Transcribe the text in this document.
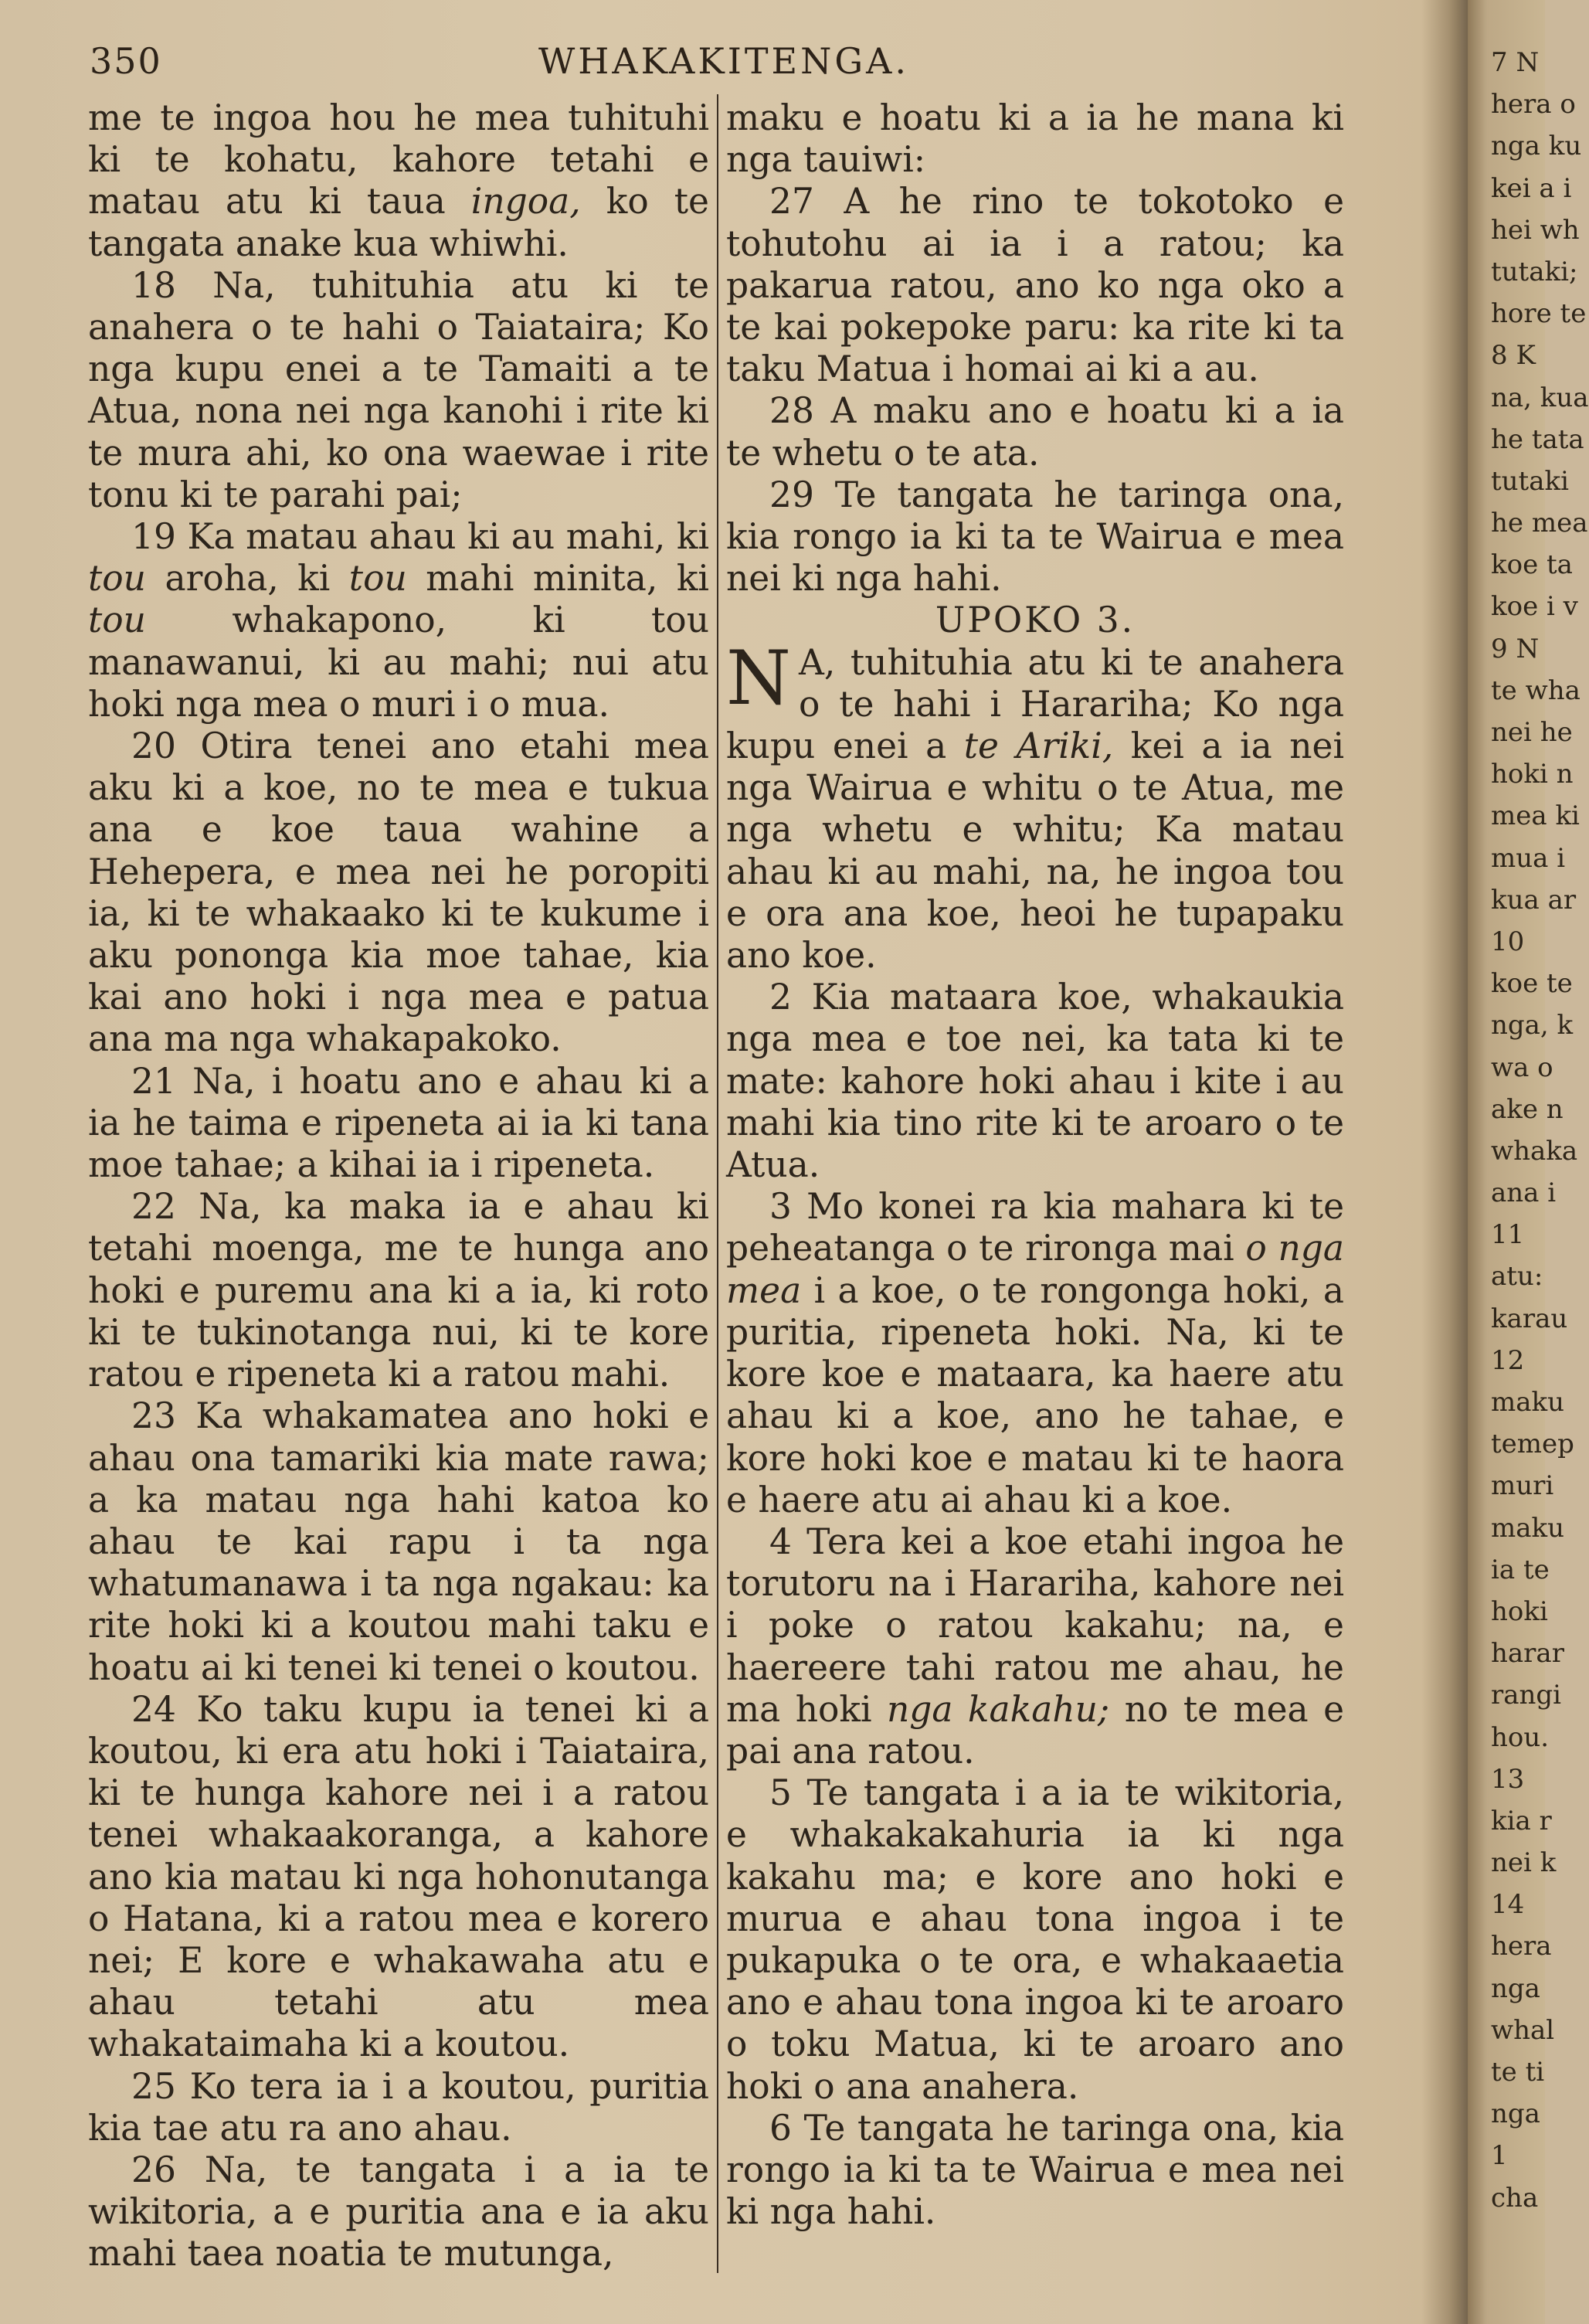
350	WHAKAKITENGA.

me te ingoa hou he mea tuhituhi ki te kohatu, kahore tetahi e matau atu ki taua ingoa, ko te tangata anake kua whiwhi.

18 Na, tuhituhia atu ki te anahera o te hahi o Taiataira; Ko nga kupu enei a te Tamaiti a te Atua, nona nei nga kanohi i rite ki te mura ahi, ko ona waewae i rite tonu ki te parahi pai;

19 Ka matau ahau ki au mahi, ki tou aroha, ki tou mahi minita, ki tou whakapono, ki tou manawanui, ki au mahi; nui atu hoki nga mea o muri i o mua.

20 Otira tenei ano etahi mea aku ki a koe, no te mea e tukua ana e koe taua wahine a Hehepera, e mea nei he poropiti ia, ki te whakaako ki te kukume i aku pononga kia moe tahae, kia kai ano hoki i nga mea e patua ana ma nga whakapakoko.

21 Na, i hoatu ano e ahau ki a ia he taima e ripeneta ai ia ki tana moe tahae; a kihai ia i ripeneta.

22 Na, ka maka ia e ahau ki tetahi moenga, me te hunga ano hoki e puremu ana ki a ia, ki roto ki te tukinotanga nui, ki te kore ratou e ripeneta ki a ratou mahi.

23 Ka whakamatea ano hoki e ahau ona tamariki kia mate rawa; a ka matau nga hahi katoa ko ahau te kai rapu i ta nga whatumanawa i ta nga ngakau: ka rite hoki ki a koutou mahi taku e hoatu ai ki tenei ki tenei o koutou.

24 Ko taku kupu ia tenei ki a koutou, ki era atu hoki i Taiataira, ki te hunga kahore nei i a ratou tenei whakaakoranga, a kahore ano kia matau ki nga hohonutanga o Hatana, ki a ratou mea e korero nei; E kore e whakawaha atu e ahau tetahi atu mea whakataimaha ki a koutou.

25 Ko tera ia i a koutou, puritia kia tae atu ra ano ahau.

26 Na, te tangata i a ia te wikitoria, a e puritia ana e ia aku mahi taea noatia te mutunga,

maku e hoatu ki a ia he mana ki nga tauiwi:

27 A he rino te tokotoko e tohutohu ai ia i a ratou; ka pakarua ratou, ano ko nga oko a te kai pokepoke paru: ka rite ki ta taku Matua i homai ai ki a au.

28 A maku ano e hoatu ki a ia te whetu o te ata.

29 Te tangata he taringa ona, kia rongo ia ki ta te Wairua e mea nei ki nga hahi.

UPOKO 3.

N A, tuhituhia atu ki te anahera o te hahi i Harariha; Ko nga kupu enei a te Ariki, kei a ia nei nga Wairua e whitu o te Atua, me nga whetu e whitu; Ka matau ahau ki au mahi, na, he ingoa tou e ora ana koe, heoi he tupapaku ano koe.

2 Kia mataara koe, whakaukia nga mea e toe nei, ka tata ki te mate: kahore hoki ahau i kite i au mahi kia tino rite ki te aroaro o te Atua.

3 Mo konei ra kia mahara ki te peheatanga o te rironga mai o nga mea i a koe, o te rongonga hoki, a puritia, ripeneta hoki. Na, ki te kore koe e mataara, ka haere atu ahau ki a koe, ano he tahae, e kore hoki koe e matau ki te haora e haere atu ai ahau ki a koe.

4 Tera kei a koe etahi ingoa he torutoru na i Harariha, kahore nei i poke o ratou kakahu; na, e haereere tahi ratou me ahau, he ma hoki nga kakahu; no te mea e pai ana ratou.

5 Te tangata i a ia te wikitoria, e whakakakahuria ia ki nga kakahu ma; e kore ano hoki e murua e ahau tona ingoa i te pukapuka o te ora, e whakaaetia ano e ahau tona ingoa ki te aroaro o toku Matua, ki te aroaro ano hoki o ana anahera.

6 Te tangata he taringa ona, kia rongo ia ki ta te Wairua e mea nei ki nga hahi.

7 N
hera o
nga ku
kei a i
hei wh
tutaki;
hore te
8 K
na, kua
he tata
tutaki
he mea
koe ta
koe i v
9 N
te wha
nei he
hoki n
mea ki
mua i
kua ar
10
koe te
nga, k
wa o
ake n
whaka
ana i
11
atu:
karau
12
maku
temep
muri
maku
ia te
hoki
harar
rangi
hou.
13
kia r
nei k
14
hera
nga
whal
te ti
nga
1
cha
